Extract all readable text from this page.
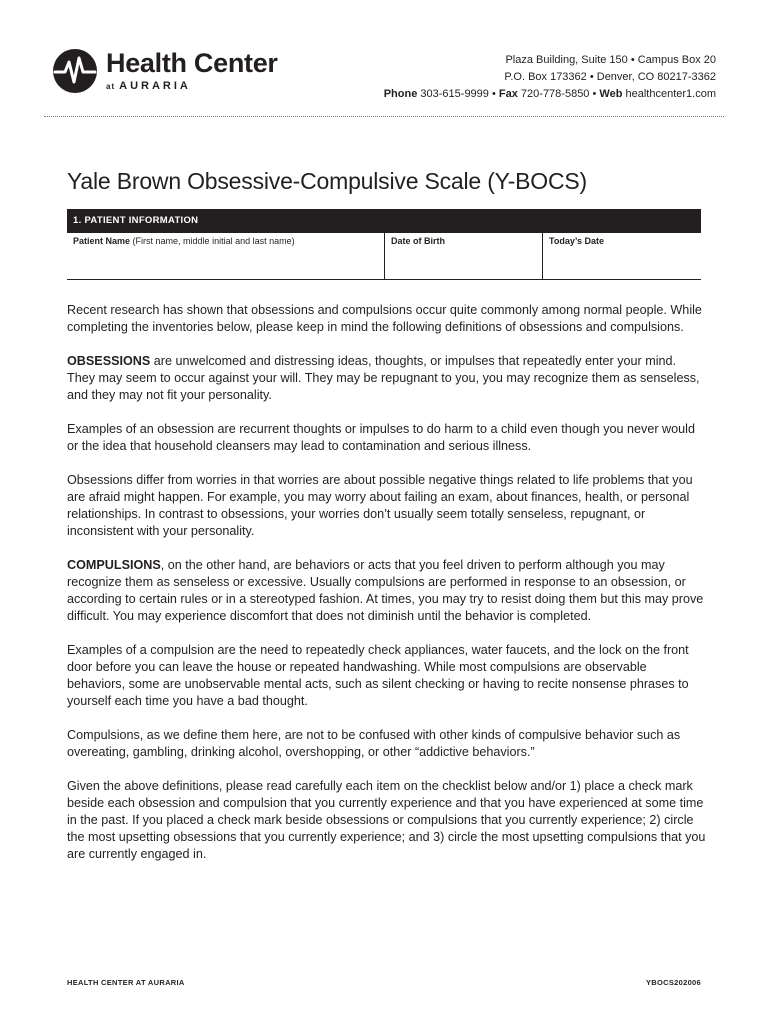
Health Center
at AURARIA
Plaza Building, Suite 150 • Campus Box 20
P.O. Box 173362 • Denver, CO 80217-3362
Phone 303-615-9999 • Fax 720-778-5850 • Web healthcenter1.com
Yale Brown Obsessive-Compulsive Scale (Y-BOCS)
1. PATIENT INFORMATION
Patient Name (First name, middle initial and last name)	Date of Birth	Today’s Date

Recent research has shown that obsessions and compulsions occur quite commonly among normal people. While completing the inventories below, please keep in mind the following definitions of obsessions and compulsions.

OBSESSIONS are unwelcomed and distressing ideas, thoughts, or impulses that repeatedly enter your mind. They may seem to occur against your will. They may be repugnant to you, you may recognize them as senseless, and they may not fit your personality.

Examples of an obsession are recurrent thoughts or impulses to do harm to a child even though you never would or the idea that household cleansers may lead to contamination and serious illness.

Obsessions differ from worries in that worries are about possible negative things related to life problems that you are afraid might happen. For example, you may worry about failing an exam, about finances, health, or personal relationships. In contrast to obsessions, your worries don’t usually seem totally senseless, repugnant, or inconsistent with your personality.

COMPULSIONS, on the other hand, are behaviors or acts that you feel driven to perform although you may recognize them as senseless or excessive. Usually compulsions are performed in response to an obsession, or according to certain rules or in a stereotyped fashion. At times, you may try to resist doing them but this may prove difficult. You may experience discomfort that does not diminish until the behavior is completed.

Examples of a compulsion are the need to repeatedly check appliances, water faucets, and the lock on the front door before you can leave the house or repeated handwashing. While most compulsions are observable behaviors, some are unobservable mental acts, such as silent checking or having to recite nonsense phrases to yourself each time you have a bad thought.

Compulsions, as we define them here, are not to be confused with other kinds of compulsive behavior such as overeating, gambling, drinking alcohol, overshopping, or other “addictive behaviors.”

Given the above definitions, please read carefully each item on the checklist below and/or 1) place a check mark beside each obsession and compulsion that you currently experience and that you have experienced at some time in the past. If you placed a check mark beside obsessions or compulsions that you currently experience; 2) circle the most upsetting obsessions that you currently experience; and 3) circle the most upsetting compulsions that you are currently engaged in.

HEALTH CENTER AT AURARIA	YBOCS202006
